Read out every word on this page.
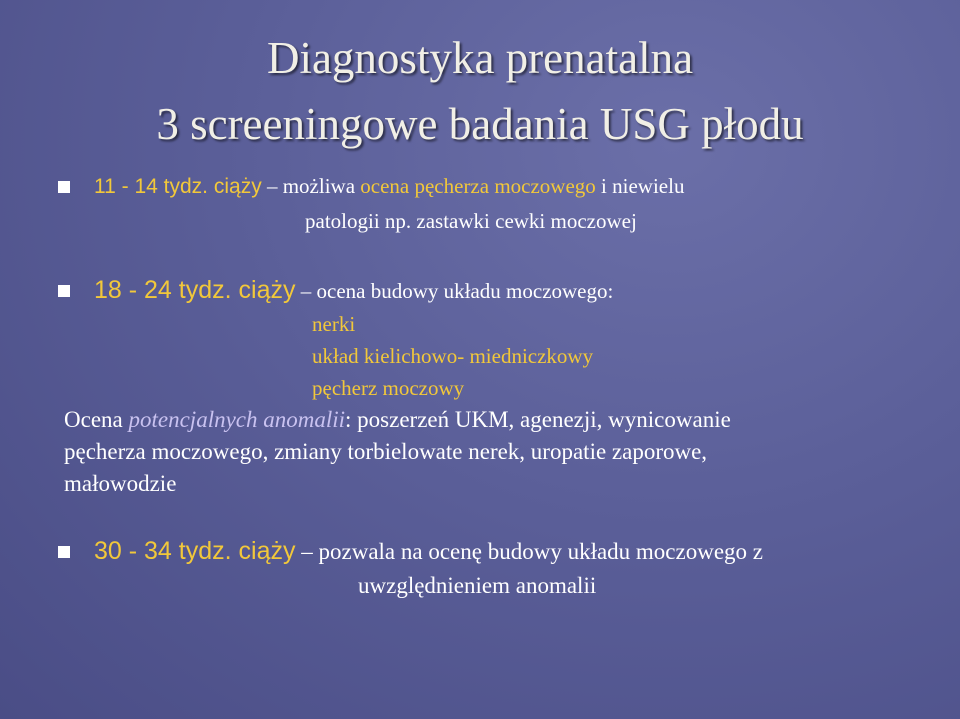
Diagnostyka prenatalna
3 screeningowe badania USG płodu
11 - 14 tydz. ciąży – możliwa ocena pęcherza moczowego i niewielu
patologii np. zastawki cewki moczowej
18 - 24 tydz. ciąży – ocena budowy układu moczowego:
nerki
układ kielichowo- miedniczkowy
pęcherz moczowy
Ocena potencjalnych anomalii: poszerzeń UKM, agenezji, wynicowanie
pęcherza moczowego, zmiany torbielowate nerek, uropatie zaporowe,
małowodzie
30 - 34 tydz. ciąży – pozwala na ocenę budowy układu moczowego z
uwzględnieniem anomalii
